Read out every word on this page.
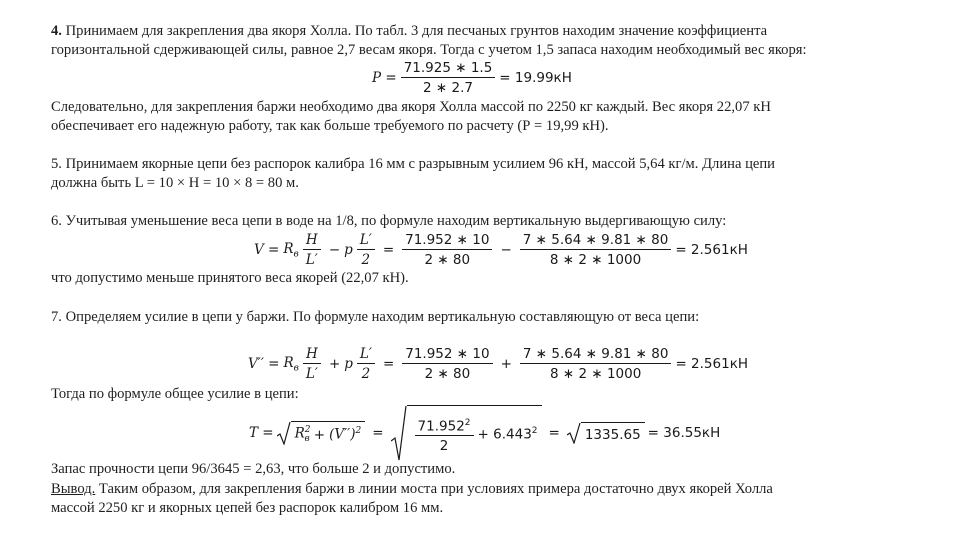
4. Принимаем для закрепления два якоря Холла. По табл. 3 для песчаных грунтов находим значение коэффициента

горизонтальной сдерживающей силы, равное 2,7 весам якоря. Тогда с учетом 1,5 запаса находим необходимый вес якоря:

$P = \frac{71.925 ∗ 1.5}{2 ∗ 2.7} = 19.99кН$

Следовательно, для закрепления баржи необходимо два якоря Холла массой по 2250 кг каждый. Вес якоря 22,07 кН

обеспечивает его надежную работу, так как больше требуемого по расчету (Р = 19,99 кН).

5. Принимаем якорные цепи без распорок калибра 16 мм с разрывным усилием 96 кН, массой 5,64 кг/м. Длина цепи

должна быть L = 10 × Н = 10 × 8 = 80 м.

6. Учитывая уменьшение веса цепи в воде на 1/8, по формуле находим вертикальную выдергивающую силу:

$V = R_в \frac{H}{L'} - p \frac{L'}{2} = \frac{71.952 ∗ 10}{2 ∗ 80} - \frac{7 ∗ 5.64 ∗ 9.81 ∗ 80}{8 ∗ 2 ∗ 1000} = 2.561кН$

что допустимо меньше принятого веса якорей (22,07 кН).

7. Определяем усилие в цепи у баржи. По формуле находим вертикальную составляющую от веса цепи:

$V'' = R_в \frac{H}{L'} + p \frac{L'}{2} = \frac{71.952 ∗ 10}{2 ∗ 80} + \frac{7 ∗ 5.64 ∗ 9.81 ∗ 80}{8 ∗ 2 ∗ 1000} = 2.561кН$

Тогда по формуле общее усилие в цепи:

$T = R^2_в + (V'')^2 = \frac{71.952^2}{2} + 6.443^2 = 1335.65 = 36.55кН$

Запас прочности цепи 96/3645 = 2,63, что больше 2 и допустимо.

Вывод. Таким образом, для закрепления баржи в линии моста при условиях примера достаточно двух якорей Холла

массой 2250 кг и якорных цепей без распорок калибром 16 мм.
